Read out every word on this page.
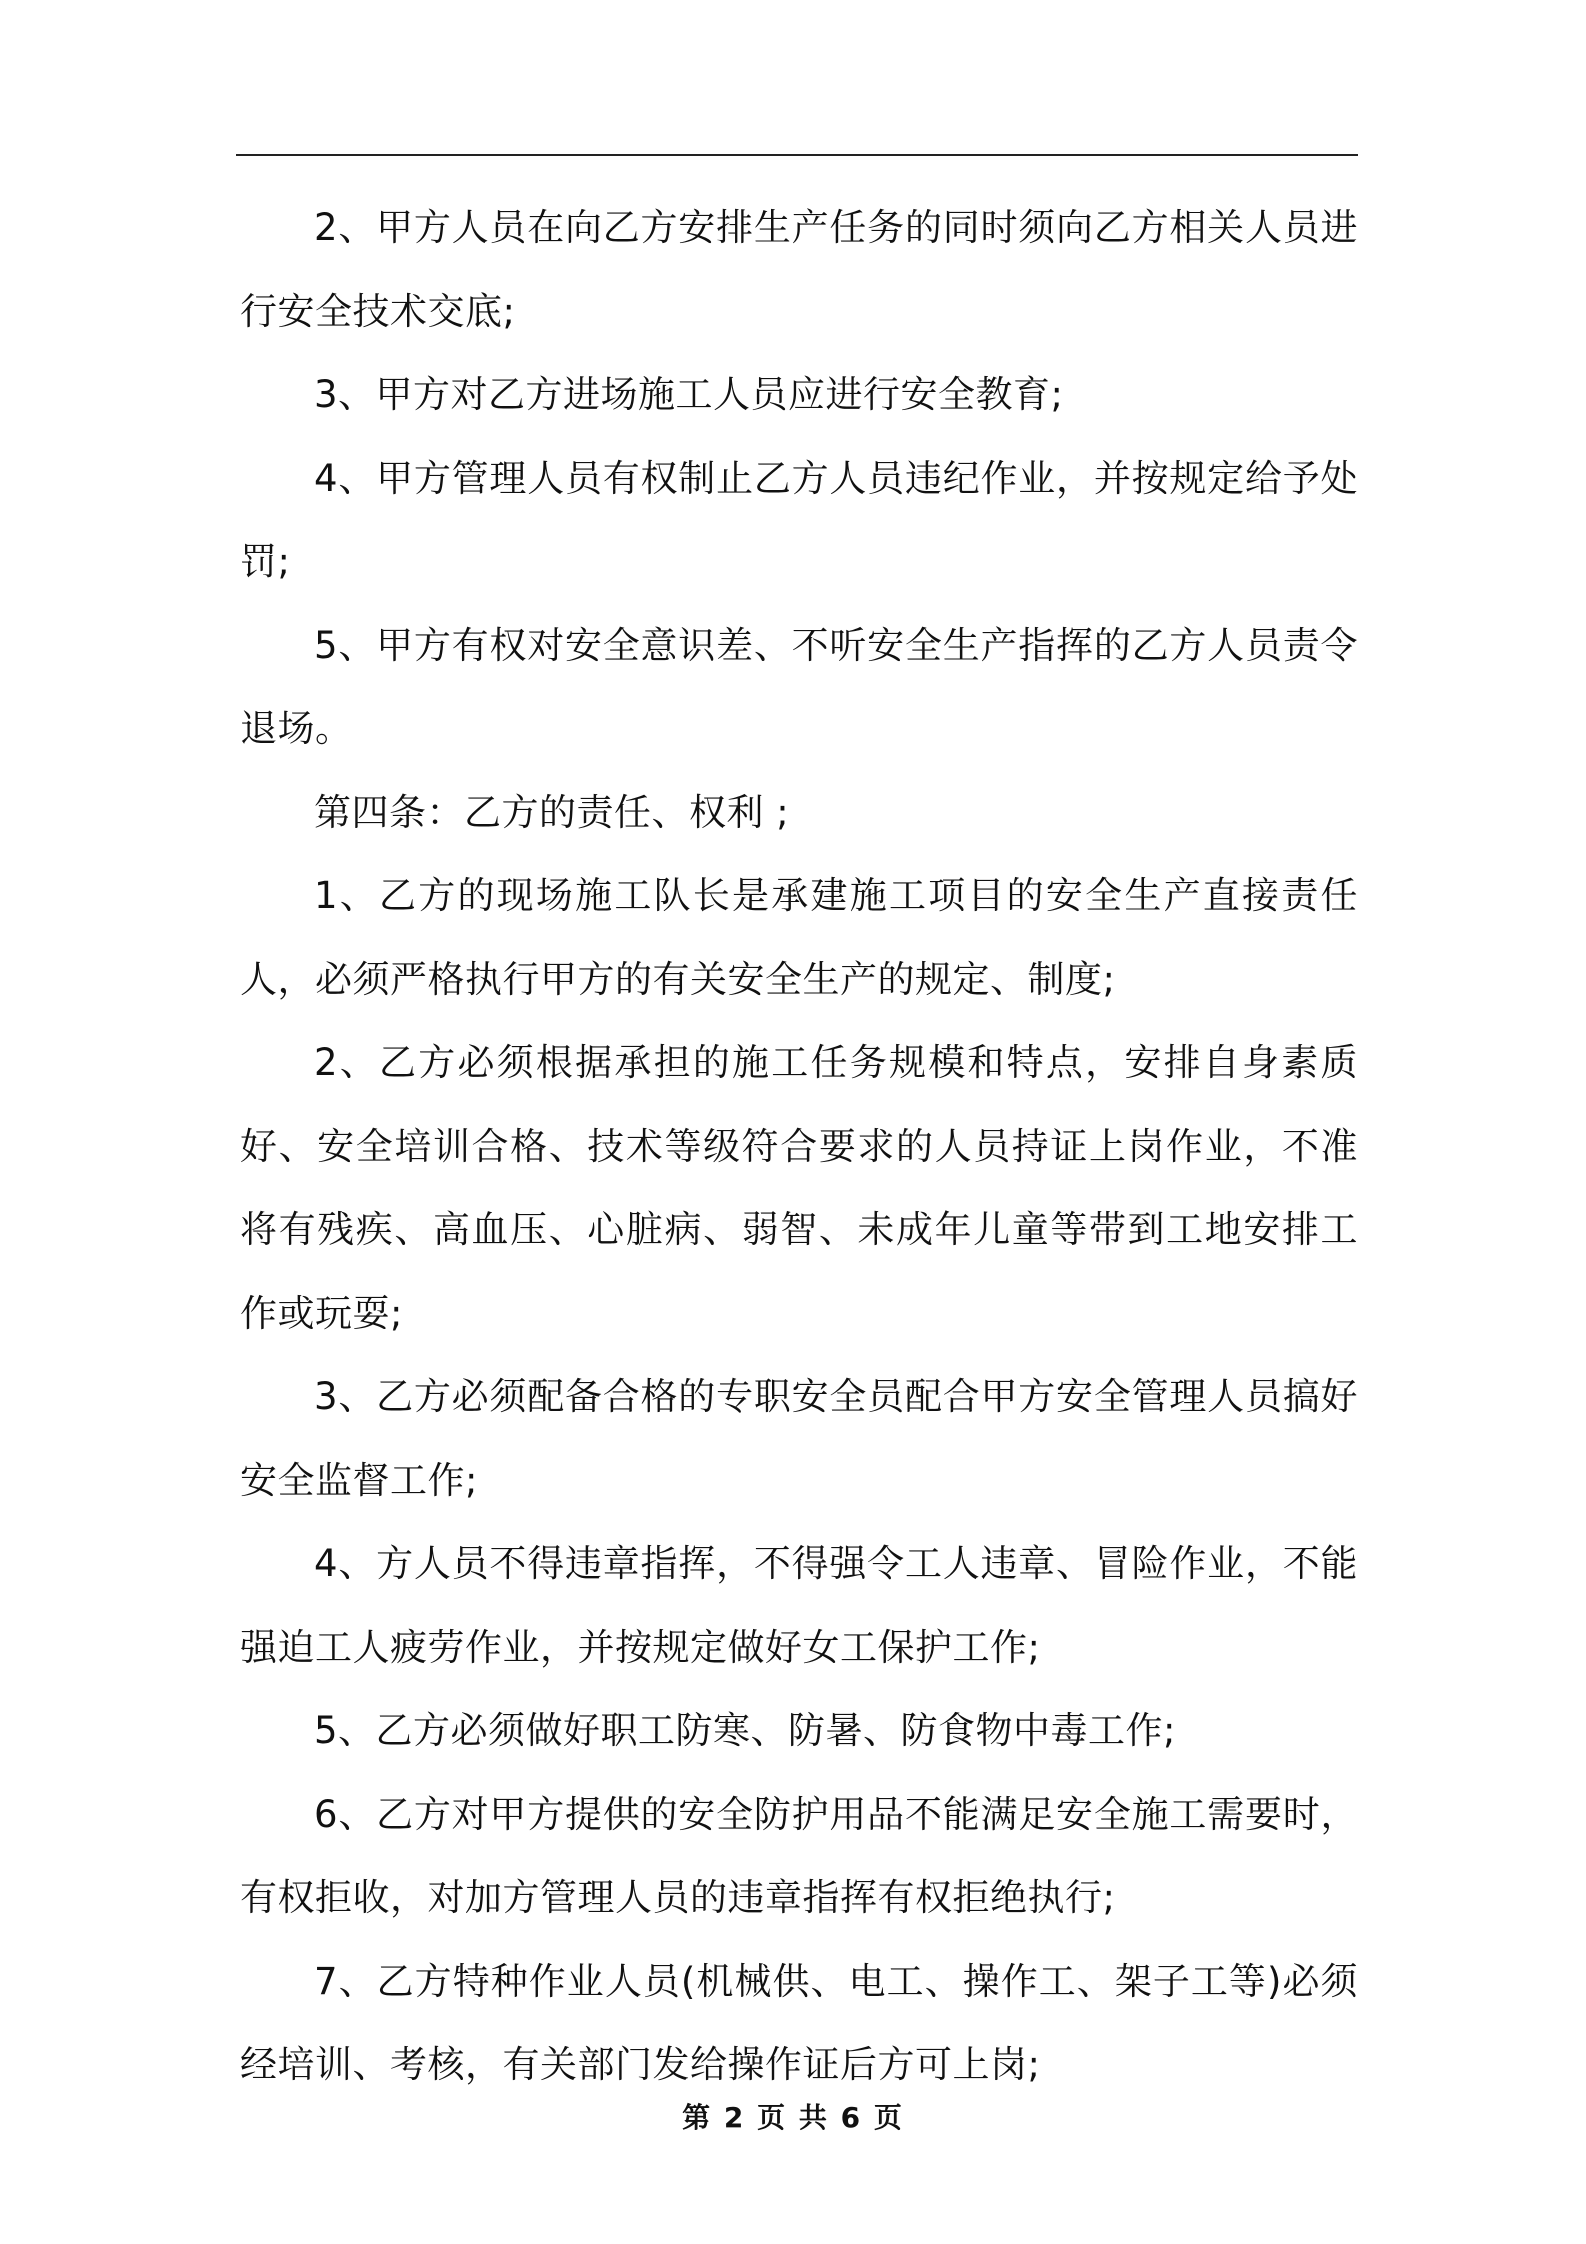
2、甲方人员在向乙方安排生产任务的同时须向乙方相关人员进行安全技术交底;

3、甲方对乙方进场施工人员应进行安全教育;

4、甲方管理人员有权制止乙方人员违纪作业，并按规定给予处罚;

5、甲方有权对安全意识差、不听安全生产指挥的乙方人员责令退场。

第四条：乙方的责任、权利 ;

1、乙方的现场施工队长是承建施工项目的安全生产直接责任人，必须严格执行甲方的有关安全生产的规定、制度;

2、乙方必须根据承担的施工任务规模和特点，安排自身素质好、安全培训合格、技术等级符合要求的人员持证上岗作业，不准将有残疾、高血压、心脏病、弱智、未成年儿童等带到工地安排工作或玩耍;

3、乙方必须配备合格的专职安全员配合甲方安全管理人员搞好安全监督工作;

4、方人员不得违章指挥，不得强令工人违章、冒险作业，不能强迫工人疲劳作业，并按规定做好女工保护工作;

5、乙方必须做好职工防寒、防暑、防食物中毒工作;

6、乙方对甲方提供的安全防护用品不能满足安全施工需要时，有权拒收，对加方管理人员的违章指挥有权拒绝执行;

7、乙方特种作业人员(机械供、电工、操作工、架子工等)必须经培训、考核，有关部门发给操作证后方可上岗;

第 2 页 共 6 页
